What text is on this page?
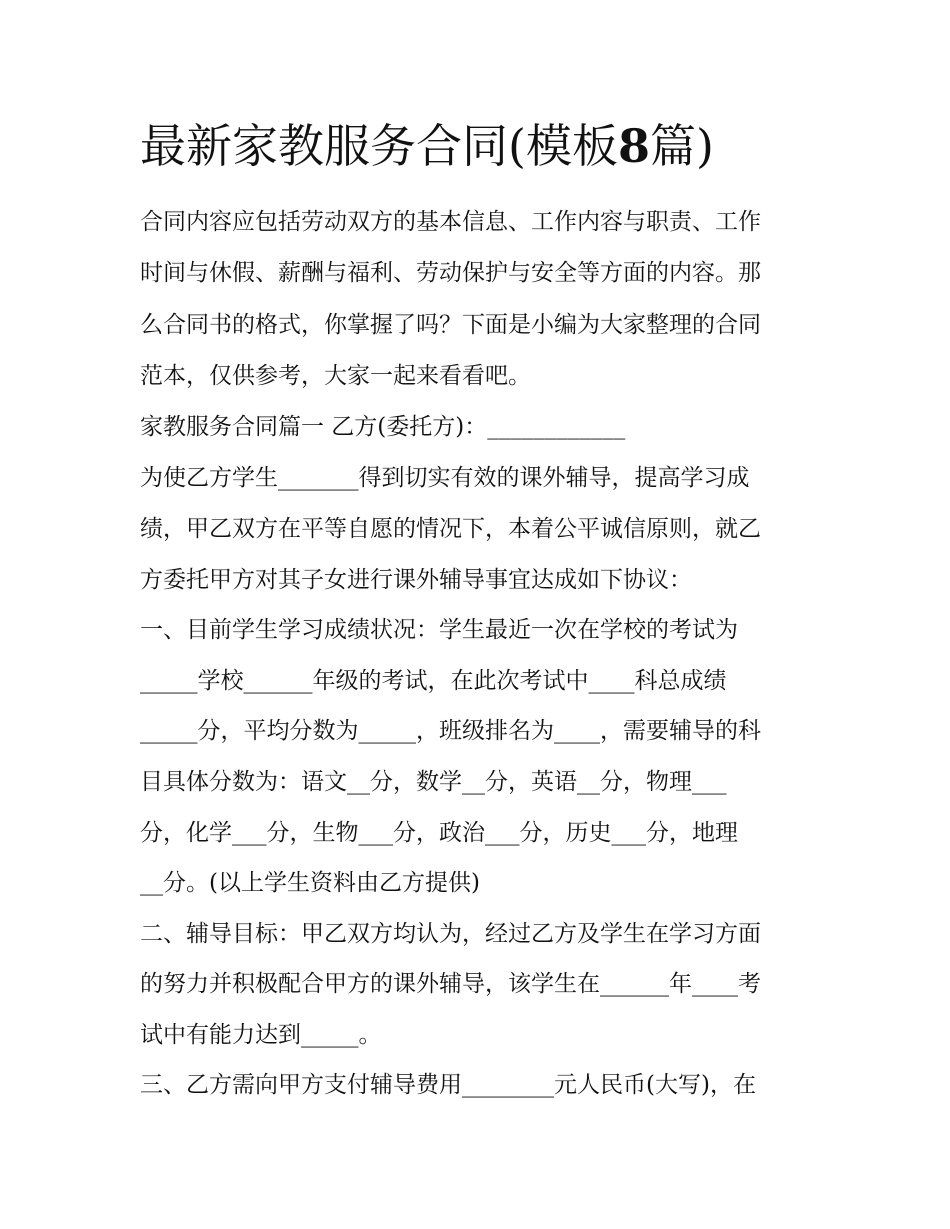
最新家教服务合同(模板8篇)

合同内容应包括劳动双方的基本信息、工作内容与职责、工作

时间与休假、薪酬与福利、劳动保护与安全等方面的内容。那

么合同书的格式，你掌握了吗？下面是小编为大家整理的合同

范本，仅供参考，大家一起来看看吧。

家教服务合同篇一 乙方(委托方)：____________

为使乙方学生_______得到切实有效的课外辅导，提高学习成

绩，甲乙双方在平等自愿的情况下，本着公平诚信原则，就乙

方委托甲方对其子女进行课外辅导事宜达成如下协议：

一、目前学生学习成绩状况：学生最近一次在学校的考试为

_____学校______年级的考试，在此次考试中____科总成绩

_____分，平均分数为_____，班级排名为____，需要辅导的科

目具体分数为：语文__分，数学__分，英语__分，物理___

分，化学___分，生物___分，政治___分，历史___分，地理

__分。(以上学生资料由乙方提供)

二、辅导目标：甲乙双方均认为，经过乙方及学生在学习方面

的努力并积极配合甲方的课外辅导，该学生在______年____考

试中有能力达到_____。

三、乙方需向甲方支付辅导费用________元人民币(大写)，在
